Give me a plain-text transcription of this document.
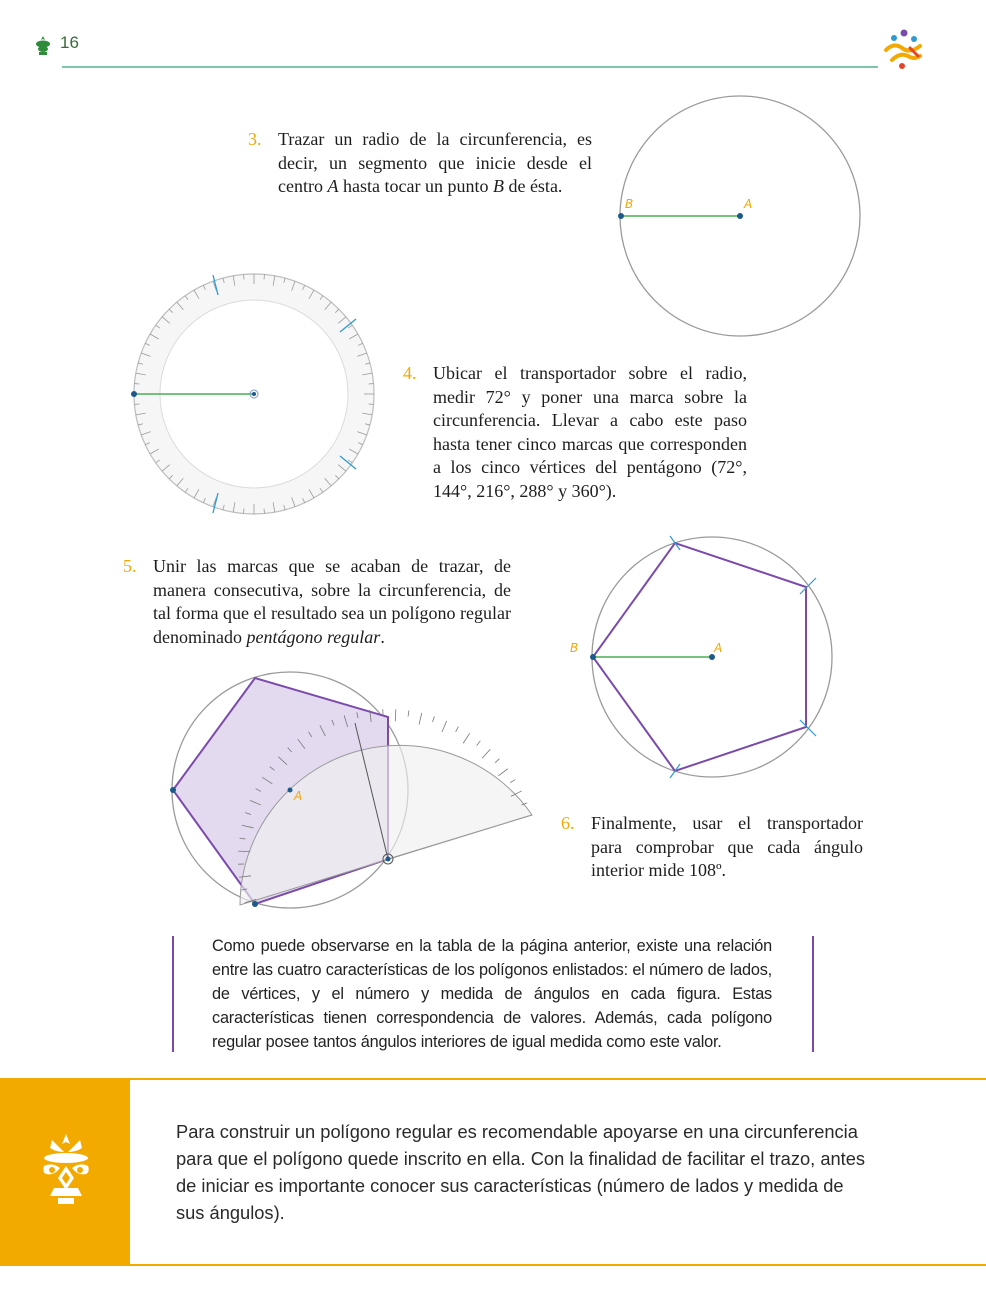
16
3. Trazar un radio de la circunferencia, es decir, un segmento que inicie desde el centro A hasta tocar un punto B de ésta.

B	A
4. Ubicar el transportador sobre el radio, medir 72° y poner una marca sobre la circunferencia. Llevar a cabo este paso hasta tener cinco marcas que corresponden a los cinco vértices del pentágono (72°, 144°, 216°, 288° y 360°).

5. Unir las marcas que se acaban de trazar, de manera consecutiva, sobre la circunferencia, de tal forma que el resultado sea un polígono regular denominado pentágono regular.

B	A
A
6. Finalmente, usar el transportador para comprobar que cada ángulo interior mide 108º.

Como puede observarse en la tabla de la página anterior, existe una relación entre las cuatro características de los polígonos enlistados: el número de lados, de vértices, y el número y medida de ángulos en cada figura. Estas características tienen correspondencia de valores. Además, cada polígono regular posee tantos ángulos interiores de igual medida como este valor.
Para construir un polígono regular es recomendable apoyarse en una circunferencia para que el polígono quede inscrito en ella. Con la finalidad de facilitar el trazo, antes de iniciar es importante conocer sus características (número de lados y medida de sus ángulos).
